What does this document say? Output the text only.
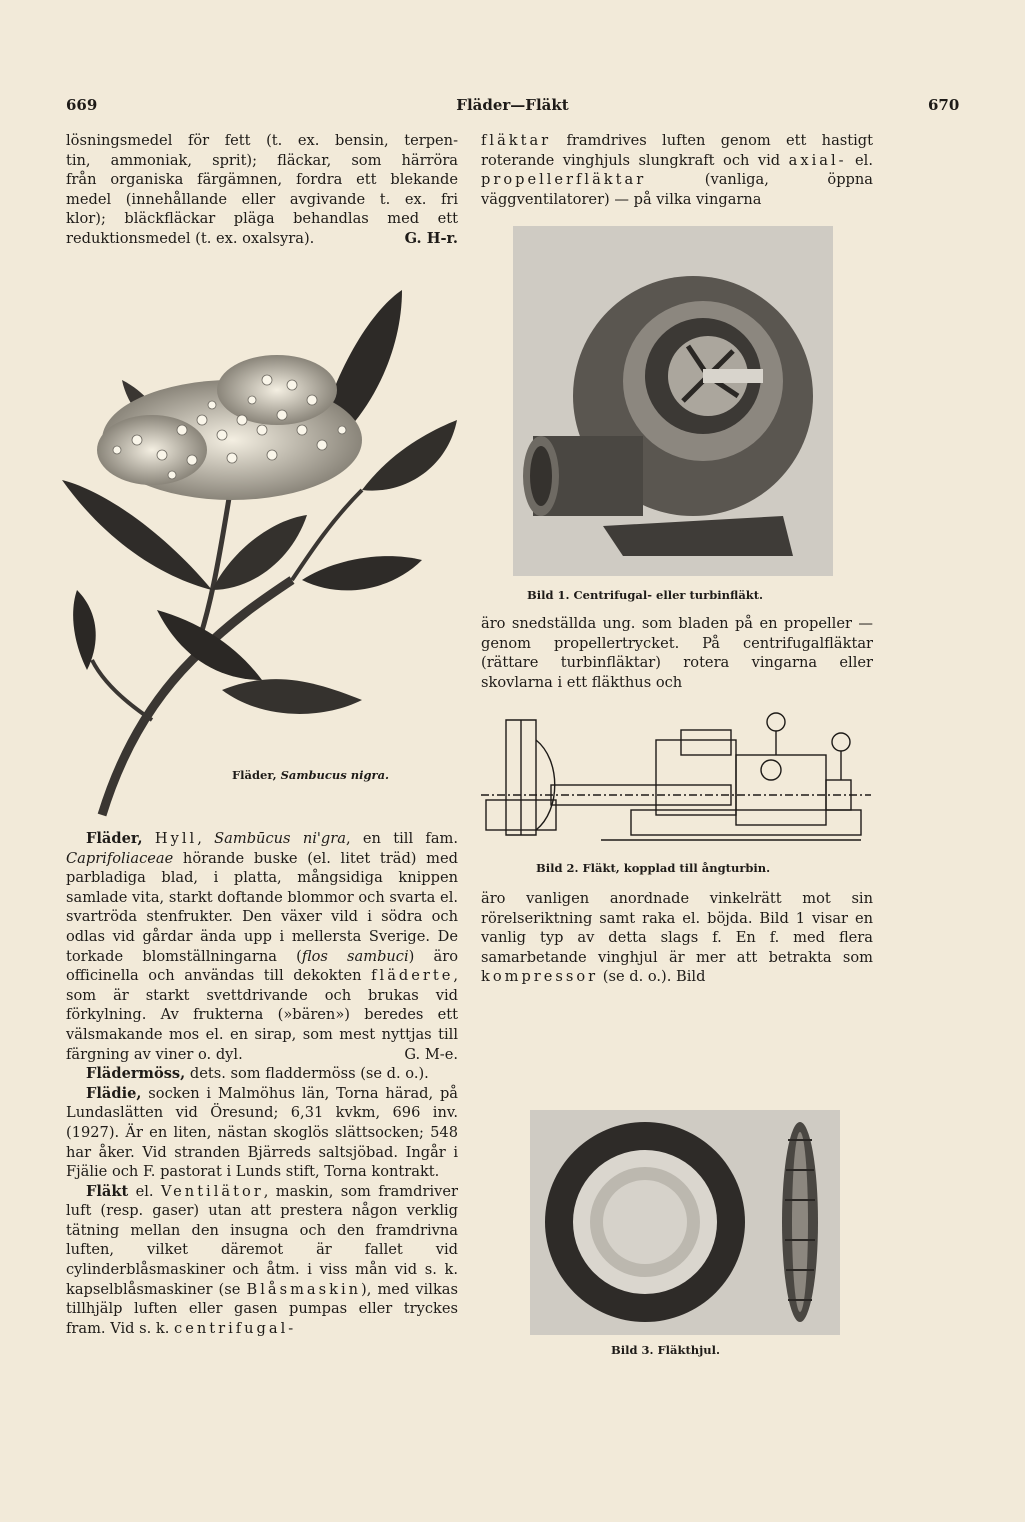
669	Fläder—Fläkt	670
lösningsmedel för fett (t. ex. bensin, terpen-
tin, ammoniak, sprit); fläckar, som härröra
från organiska färgämnen, fordra ett blekande
medel (innehållande eller avgivande t. ex. fri
klor); bläckfläckar pläga behandlas med ett
reduktionsmedel (t. ex. oxalsyra).	G. H-r.
Fläder, Sambucus nigra.

Fläder, Hyll, Sambūcus ni'gra, en till fam. Caprifoliaceae hörande buske (el. litet träd) med parbladiga blad, i platta, mångsidiga knippen samlade vita, starkt doftande blommor och svarta el. svartröda stenfrukter. Den växer vild i södra och odlas vid gårdar ända upp i mellersta Sverige. De torkade blomställningarna (flos sambuci) äro officinella och användas till dekokten fläderte, som är starkt svettdrivande och brukas vid förkylning. Av frukterna (»bären») beredes ett välsmakande mos el. en sirap, som mest nyttjas till färgning av viner o. dyl.	G. M-e.

Flädermöss, dets. som fladdermöss (se d. o.).

Flädie, socken i Malmöhus län, Torna härad, på Lundaslätten vid Öresund; 6,31 kvkm, 696 inv. (1927). Är en liten, nästan skoglös slättsocken; 548 har åker. Vid stranden Bjärreds saltsjöbad. Ingår i Fjälie och F. pastorat i Lunds stift, Torna kontrakt.

Fläkt el. Ventilätor, maskin, som framdriver luft (resp. gaser) utan att prestera någon verklig tätning mellan den insugna och den framdrivna luften, vilket däremot är fallet vid cylinderblåsmaskiner och åtm. i viss mån vid s. k. kapselblåsmaskiner (se Blåsmaskin), med vilkas tillhjälp luften eller gasen pumpas eller tryckes fram. Vid s. k. centrifugal-

fläktar framdrives luften genom ett hastigt roterande vinghjuls slungkraft och vid axial- el. propellerfläktar (vanliga, öppna väggventilatorer) — på vilka vingarna

Bild 1. Centrifugal- eller turbinfläkt.

äro snedställda ung. som bladen på en propeller — genom propellertrycket. På centrifugalfläktar (rättare turbinfläktar) rotera vingarna eller skovlarna i ett fläkthus och

Bild 2. Fläkt, kopplad till ångturbin.

äro vanligen anordnade vinkelrätt mot sin rörelseriktning samt raka el. böjda. Bild 1 visar en vanlig typ av detta slags f. En f. med flera samarbetande vinghjul är mer att betrakta som kompressor (se d. o.). Bild

Bild 3. Fläkthjul.
